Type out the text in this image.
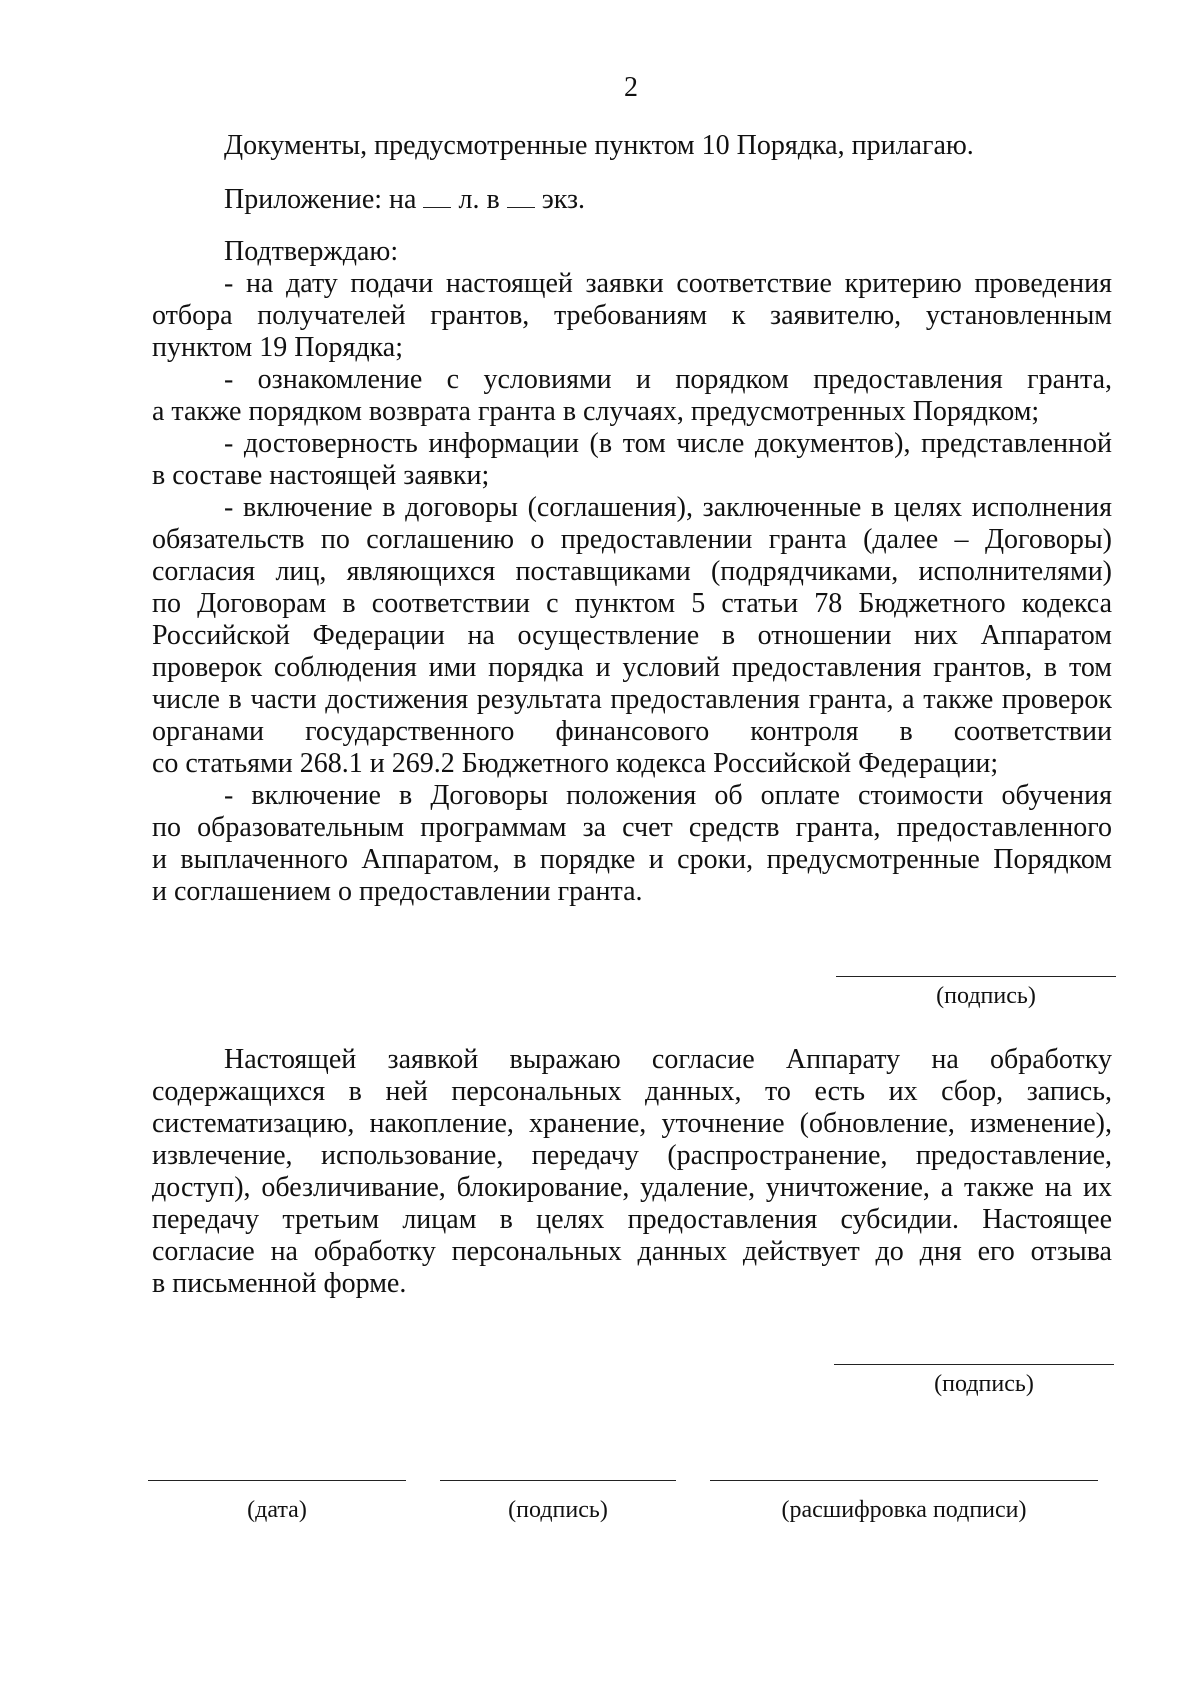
2
Документы, предусмотренные пунктом 10 Порядка, прилагаю.
Приложение: на л. в экз.
Подтверждаю:
- на дату подачи настоящей заявки соответствие критерию проведения
отбора получателей грантов, требованиям к заявителю, установленным
пунктом 19 Порядка;
- ознакомление с условиями и порядком предоставления гранта,
а также порядком возврата гранта в случаях, предусмотренных Порядком;
- достоверность информации (в том числе документов), представленной
в составе настоящей заявки;
- включение в договоры (соглашения), заключенные в целях исполнения
обязательств по соглашению о предоставлении гранта (далее – Договоры)
согласия лиц, являющихся поставщиками (подрядчиками, исполнителями)
по Договорам в соответствии с пунктом 5 статьи 78 Бюджетного кодекса
Российской Федерации на осуществление в отношении них Аппаратом
проверок соблюдения ими порядка и условий предоставления грантов, в том
числе в части достижения результата предоставления гранта, а также проверок
органами государственного финансового контроля в соответствии
со статьями 268.1 и 269.2 Бюджетного кодекса Российской Федерации;
- включение в Договоры положения об оплате стоимости обучения
по образовательным программам за счет средств гранта, предоставленного
и выплаченного Аппаратом, в порядке и сроки, предусмотренные Порядком
и соглашением о предоставлении гранта.
(подпись)
Настоящей заявкой выражаю согласие Аппарату на обработку
содержащихся в ней персональных данных, то есть их сбор, запись,
систематизацию, накопление, хранение, уточнение (обновление, изменение),
извлечение, использование, передачу (распространение, предоставление,
доступ), обезличивание, блокирование, удаление, уничтожение, а также на их
передачу третьим лицам в целях предоставления субсидии. Настоящее
согласие на обработку персональных данных действует до дня его отзыва
в письменной форме.
(подпись)
(дата)	(подпись)	(расшифровка подписи)
